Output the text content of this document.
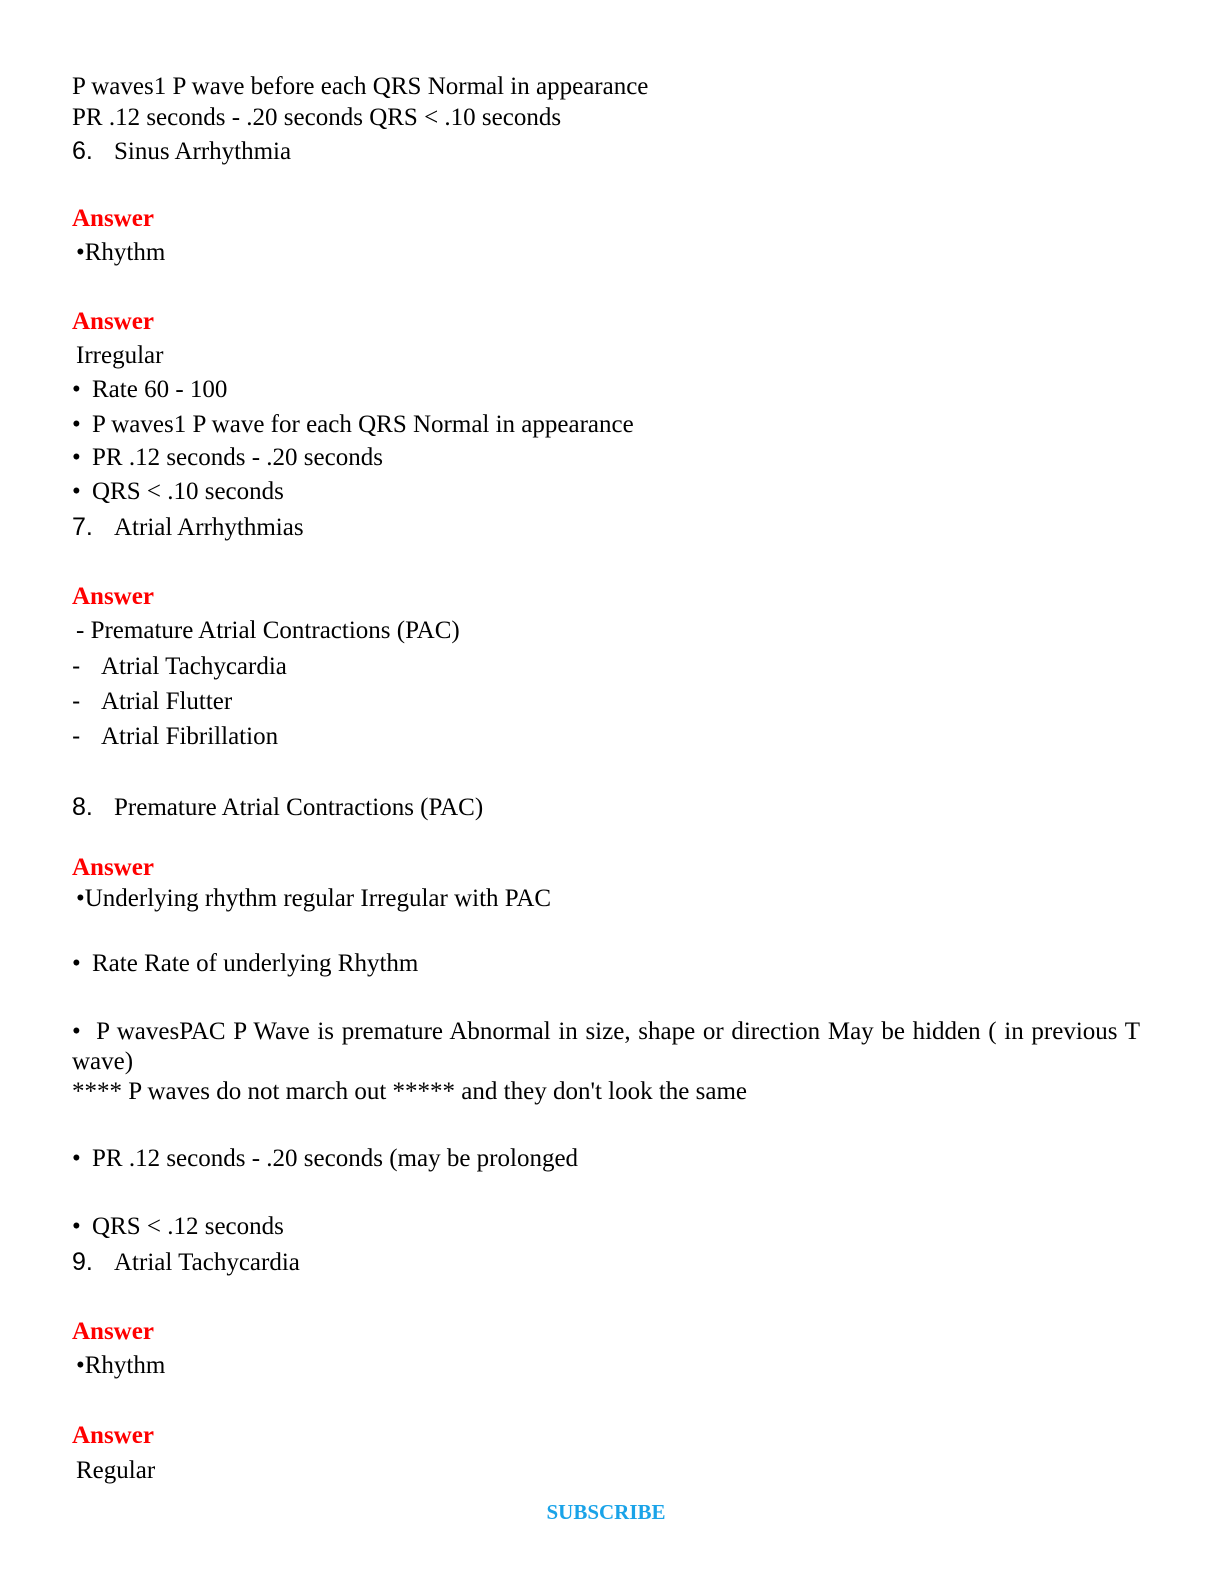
P waves1 P wave before each QRS Normal in appearance
PR .12 seconds - .20 seconds QRS < .10 seconds
6. Sinus Arrhythmia
Answer
•Rhythm
Answer
Irregular
• Rate 60 - 100
• P waves1 P wave for each QRS Normal in appearance
• PR .12 seconds - .20 seconds
• QRS < .10 seconds
7. Atrial Arrhythmias
Answer
- Premature Atrial Contractions (PAC)
- Atrial Tachycardia
- Atrial Flutter
- Atrial Fibrillation
8. Premature Atrial Contractions (PAC)
Answer
•Underlying rhythm regular Irregular with PAC
• Rate Rate of underlying Rhythm
•  P wavesPAC P Wave is premature Abnormal in size, shape or direction May be hidden ( in previous T wave)
**** P waves do not march out ***** and they don't look the same
• PR .12 seconds - .20 seconds (may be prolonged
• QRS < .12 seconds
9. Atrial Tachycardia
Answer
•Rhythm
Answer
Regular
SUBSCRIBE
